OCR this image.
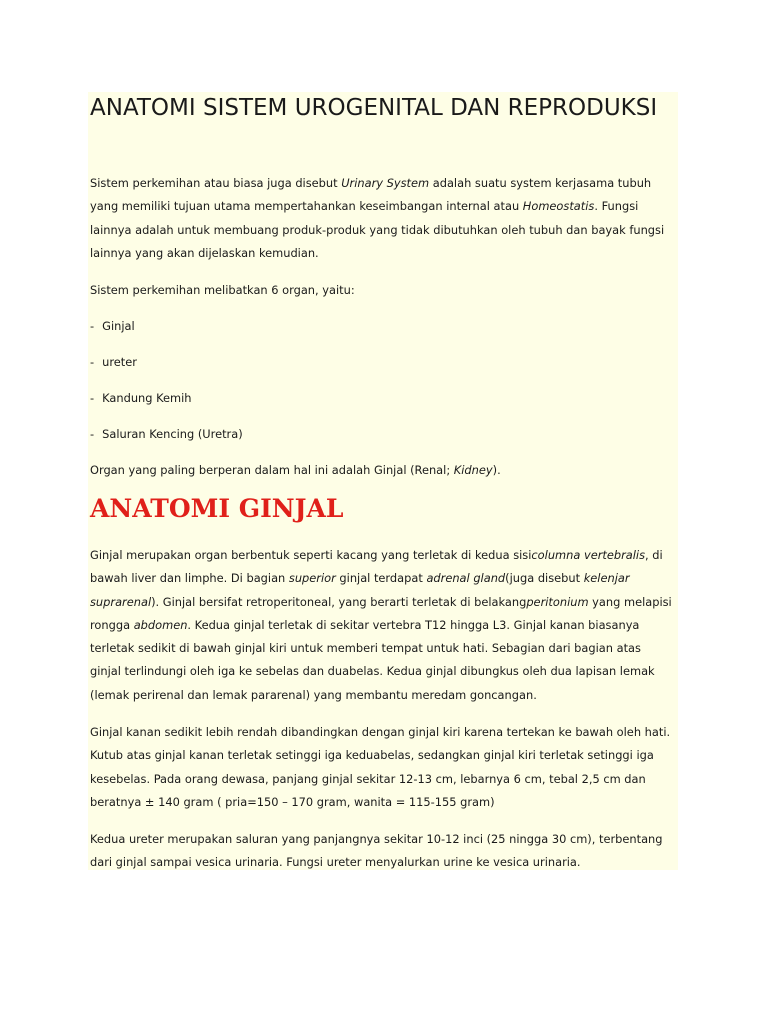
ANATOMI SISTEM UROGENITAL DAN REPRODUKSI

Sistem perkemihan atau biasa juga disebut Urinary System adalah suatu system kerjasama tubuh yang memiliki tujuan utama mempertahankan keseimbangan internal atau Homeostatis. Fungsi lainnya adalah untuk membuang produk-produk yang tidak dibutuhkan oleh tubuh dan bayak fungsi lainnya yang akan dijelaskan kemudian.

Sistem perkemihan melibatkan 6 organ, yaitu:

- Ginjal

- ureter

- Kandung Kemih

- Saluran Kencing (Uretra)

Organ yang paling berperan dalam hal ini adalah Ginjal (Renal; Kidney).

ANATOMI GINJAL

Ginjal merupakan organ berbentuk seperti kacang yang terletak di kedua sisicolumna vertebralis, di bawah liver dan limphe. Di bagian superior ginjal terdapat adrenal gland(juga disebut kelenjar suprarenal). Ginjal bersifat retroperitoneal, yang berarti terletak di belakangperitonium yang melapisi rongga abdomen. Kedua ginjal terletak di sekitar vertebra T12 hingga L3. Ginjal kanan biasanya terletak sedikit di bawah ginjal kiri untuk memberi tempat untuk hati. Sebagian dari bagian atas ginjal terlindungi oleh iga ke sebelas dan duabelas. Kedua ginjal dibungkus oleh dua lapisan lemak (lemak perirenal dan lemak pararenal) yang membantu meredam goncangan.

Ginjal kanan sedikit lebih rendah dibandingkan dengan ginjal kiri karena tertekan ke bawah oleh hati. Kutub atas ginjal kanan terletak setinggi iga keduabelas, sedangkan ginjal kiri terletak setinggi iga kesebelas. Pada orang dewasa, panjang ginjal sekitar 12-13 cm, lebarnya 6 cm, tebal 2,5 cm dan beratnya ± 140 gram ( pria=150 – 170 gram, wanita = 115-155 gram)

Kedua ureter merupakan saluran yang panjangnya sekitar 10-12 inci (25 ningga 30 cm), terbentang dari ginjal sampai vesica urinaria. Fungsi ureter menyalurkan urine ke vesica urinaria.
